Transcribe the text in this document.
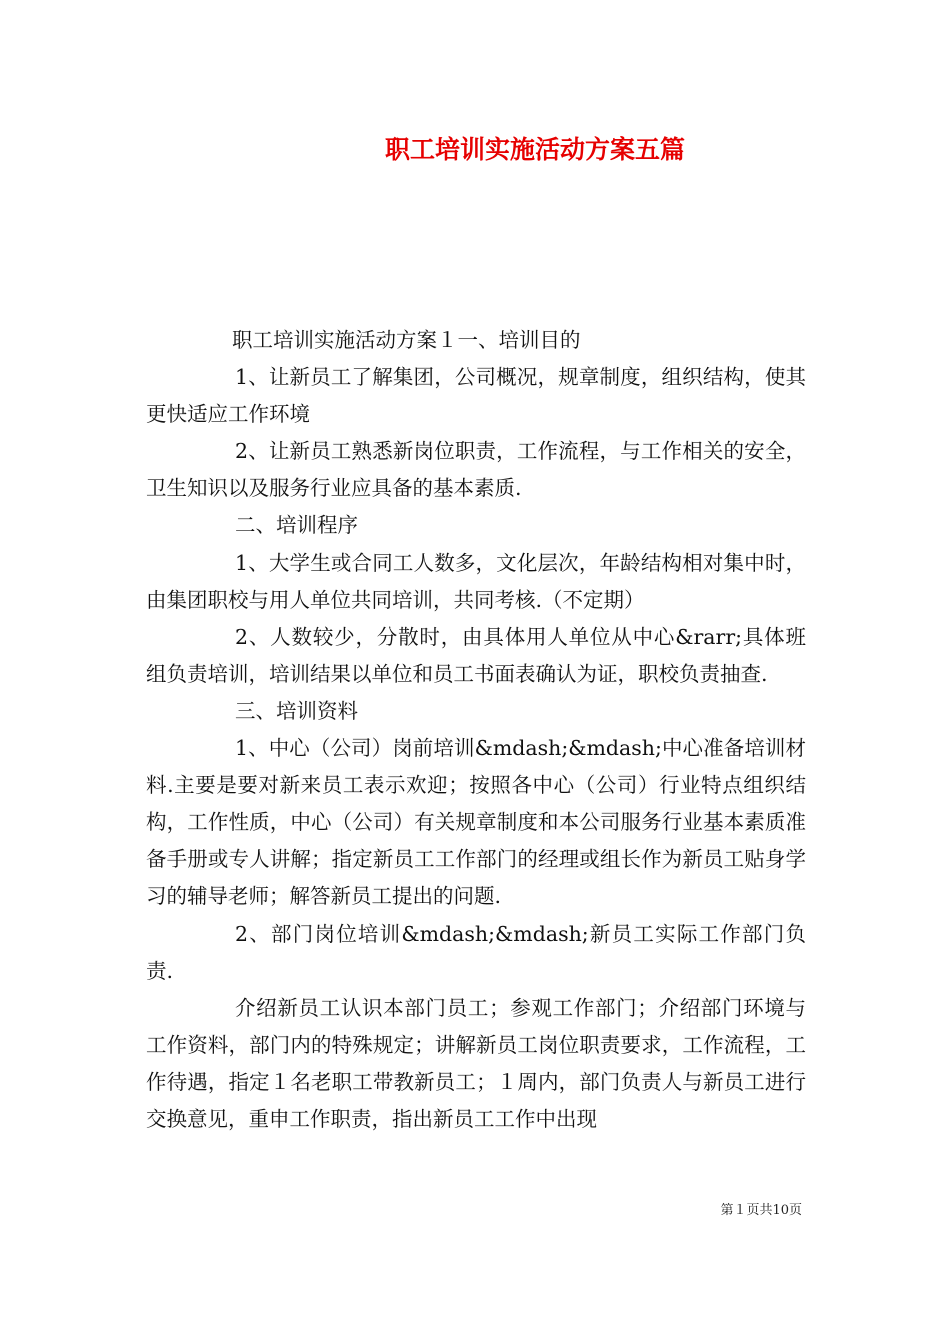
职工培训实施活动方案五篇

职工培训实施活动方案１一、培训目的

1、让新员工了解集团，公司概况，规章制度，组织结构，使其更快适应工作环境

2、让新员工熟悉新岗位职责，工作流程，与工作相关的安全，卫生知识以及服务行业应具备的基本素质.

二、培训程序

1、大学生或合同工人数多，文化层次，年龄结构相对集中时，由集团职校与用人单位共同培训，共同考核.（不定期）

2、人数较少，分散时，由具体用人单位从中心&rarr;具体班组负责培训，培训结果以单位和员工书面表确认为证，职校负责抽查.

三、培训资料

1、中心（公司）岗前培训&mdash;&mdash;中心准备培训材料.主要是要对新来员工表示欢迎；按照各中心（公司）行业特点组织结构，工作性质，中心（公司）有关规章制度和本公司服务行业基本素质准备手册或专人讲解；指定新员工工作部门的经理或组长作为新员工贴身学习的辅导老师；解答新员工提出的问题.

2、部门岗位培训&mdash;&mdash;新员工实际工作部门负责.

介绍新员工认识本部门员工；参观工作部门；介绍部门环境与工作资料，部门内的特殊规定；讲解新员工岗位职责要求，工作流程，工作待遇，指定１名老职工带教新员工；１周内，部门负责人与新员工进行交换意见，重申工作职责，指出新员工工作中出现

第１页共10页
